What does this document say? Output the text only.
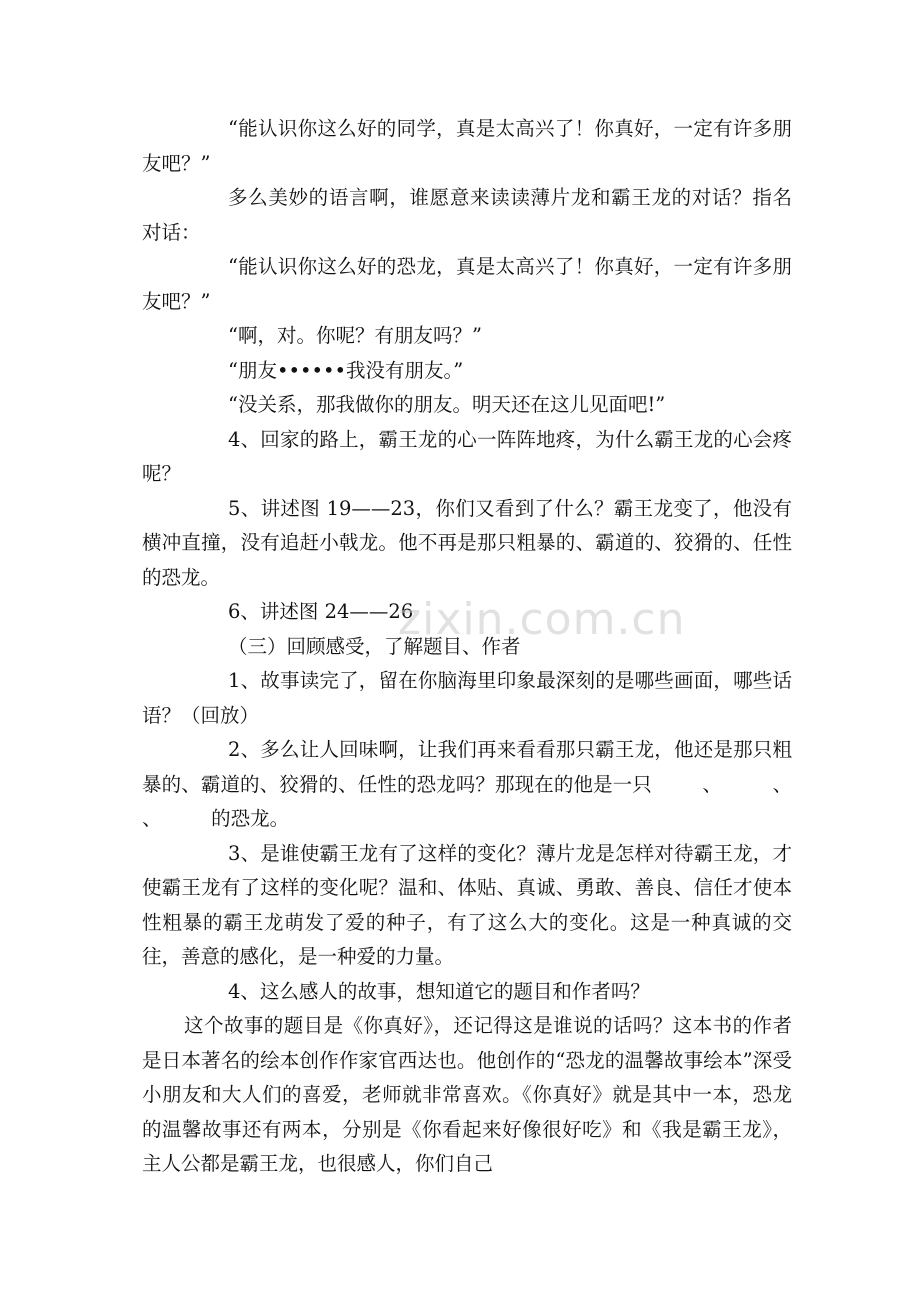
“能认识你这么好的同学，真是太高兴了！你真好，一定有许多朋友吧？”

多么美妙的语言啊，谁愿意来读读薄片龙和霸王龙的对话？指名对话：

“能认识你这么好的恐龙，真是太高兴了！你真好，一定有许多朋友吧？”

“啊，对。你呢？有朋友吗？”

“朋友••••••我没有朋友。”

“没关系，那我做你的朋友。明天还在这儿见面吧!”

4、回家的路上，霸王龙的心一阵阵地疼，为什么霸王龙的心会疼呢？

5、讲述图 19——23，你们又看到了什么？霸王龙变了，他没有横冲直撞，没有追赶小戟龙。他不再是那只粗暴的、霸道的、狡猾的、任性的恐龙。

6、讲述图 24——26

（三）回顾感受，了解题目、作者

1、故事读完了，留在你脑海里印象最深刻的是哪些画面，哪些话语？（回放）

2、多么让人回味啊，让我们再来看看那只霸王龙，他还是那只粗暴的、霸道的、狡猾的、任性的恐龙吗？那现在的他是一只        、        、        、        的恐龙。

3、是谁使霸王龙有了这样的变化？薄片龙是怎样对待霸王龙，才使霸王龙有了这样的变化呢？温和、体贴、真诚、勇敢、善良、信任才使本性粗暴的霸王龙萌发了爱的种子，有了这么大的变化。这是一种真诚的交往，善意的感化，是一种爱的力量。

4、这么感人的故事，想知道它的题目和作者吗？

这个故事的题目是《你真好》，还记得这是谁说的话吗？这本书的作者是日本著名的绘本创作作家官西达也。他创作的“恐龙的温馨故事绘本”深受小朋友和大人们的喜爱，老师就非常喜欢。《你真好》就是其中一本，恐龙的温馨故事还有两本，分别是《你看起来好像很好吃》和《我是霸王龙》，主人公都是霸王龙，也很感人，你们自己

zixin.com.cn
